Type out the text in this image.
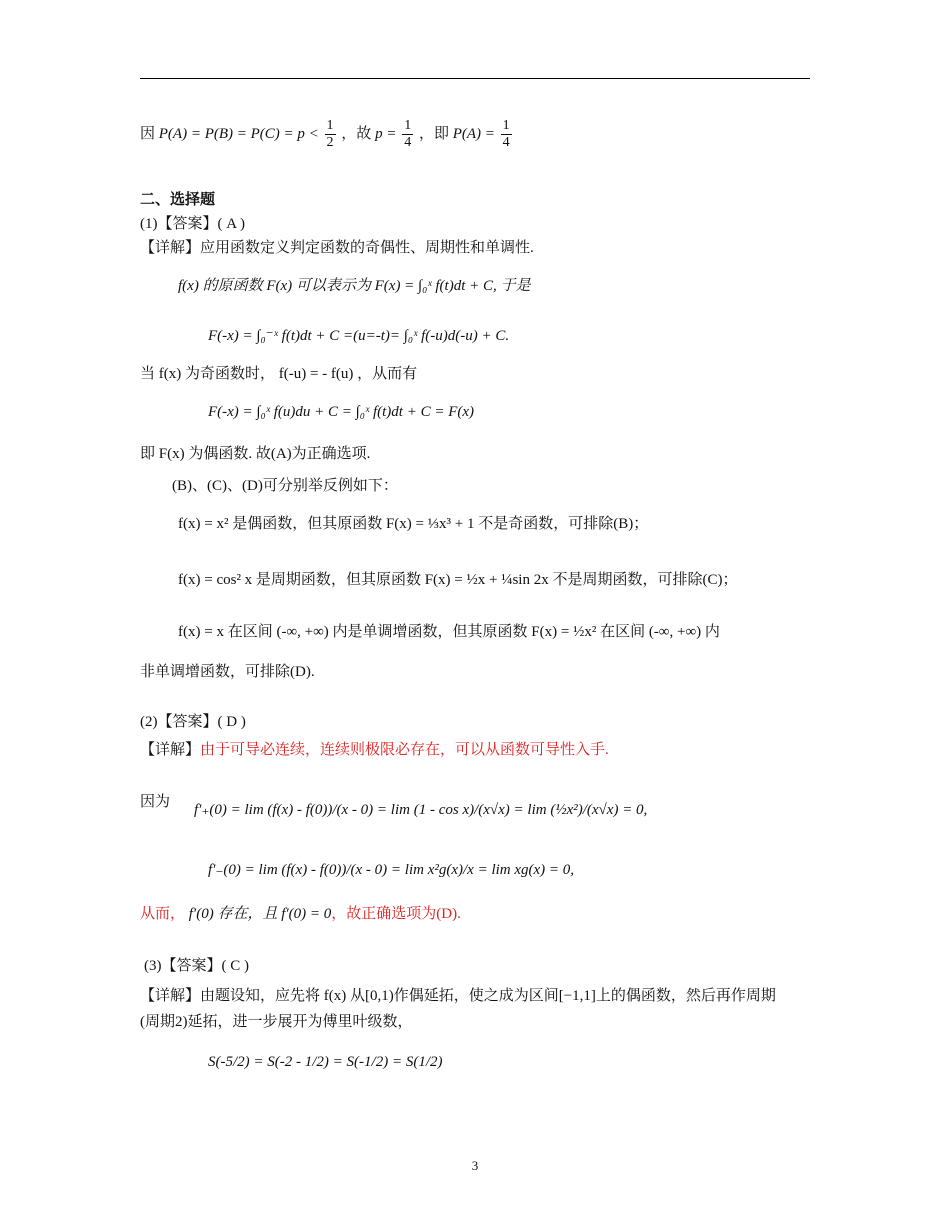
因 $P(A) = P(B) = P(C) = p < \frac{1}{2}$ ，故 $p = \frac{1}{4}$ ，即 $P(A) = \frac{1}{4}$
二、选择题
(1)【答案】( A )
【详解】应用函数定义判定函数的奇偶性、周期性和单调性.
f(x) 的原函数 F(x) 可以表示为 F(x) = ∫₀ˣ f(t)dt + C, 于是
F(-x) = ∫₀⁻ˣ f(t)dt + C =(u=-t)= ∫₀ˣ f(-u)d(-u) + C.
当 f(x) 为奇函数时， f(-u) = - f(u) ，从而有
F(-x) = ∫₀ˣ f(u)du + C = ∫₀ˣ f(t)dt + C = F(x)
即 F(x) 为偶函数. 故(A)为正确选项.
(B)、(C)、(D)可分别举反例如下：
f(x) = x² 是偶函数，但其原函数 F(x) = ⅓x³ + 1 不是奇函数，可排除(B)；
f(x) = cos² x 是周期函数，但其原函数 F(x) = ½x + ¼sin 2x 不是周期函数，可排除(C)；
f(x) = x 在区间 (-∞, +∞) 内是单调增函数，但其原函数 F(x) = ½x² 在区间 (-∞, +∞) 内
非单调增函数，可排除(D).
(2)【答案】( D )
【详解】由于可导必连续，连续则极限必存在，可以从函数可导性入手.
因为 f′₊(0) = lim (f(x) - f(0))/(x - 0) = lim (1 - cos x)/(x√x) = lim (½x²)/(x√x) = 0,
f′₋(0) = lim (f(x) - f(0))/(x - 0) = lim x²g(x)/x = lim xg(x) = 0,
从而， f′(0) 存在，且 f′(0) = 0，故正确选项为(D).
(3)【答案】( C )
【详解】由题设知，应先将 f(x) 从[0,1)作偶延拓，使之成为区间[−1,1]上的偶函数，然后再作周期
(周期2)延拓，进一步展开为傅里叶级数，
S(-5/2) = S(-2 - 1/2) = S(-1/2) = S(1/2)
3
